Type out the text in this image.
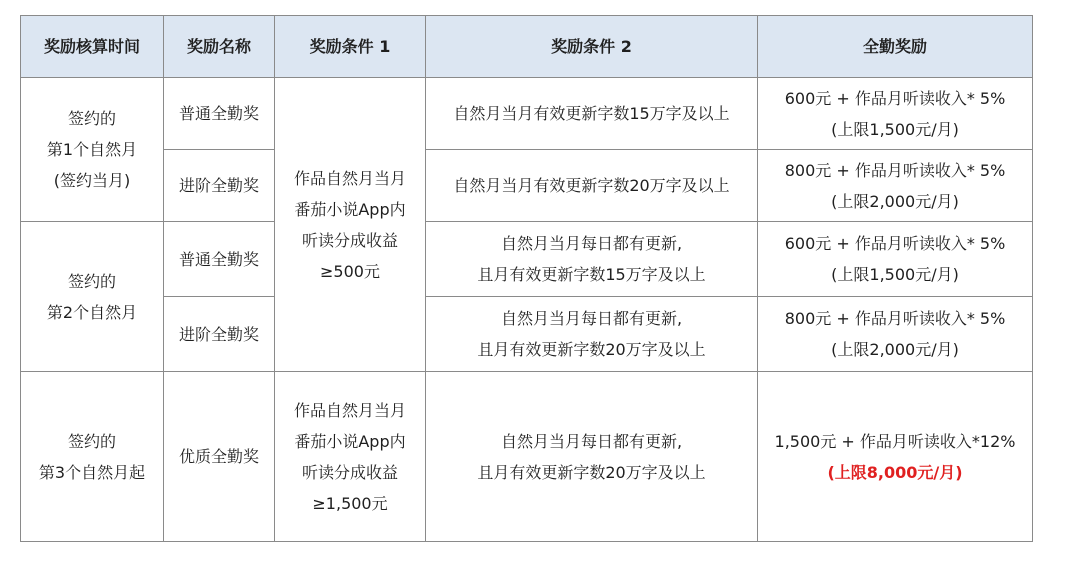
奖励核算时间	奖励名称	奖励条件 1	奖励条件 2	全勤奖励

签约的
第1个自然月
(签约当月)	普通全勤奖	作品自然月当月
番茄小说App内
听读分成收益
≥500元	自然月当月有效更新字数15万字及以上	600元 + 作品月听读收入* 5%
(上限1,500元/月)

	进阶全勤奖		自然月当月有效更新字数20万字及以上	800元 + 作品月听读收入* 5%
(上限2,000元/月)

签约的
第2个自然月	普通全勤奖		自然月当月每日都有更新,
且月有效更新字数15万字及以上	600元 + 作品月听读收入* 5%
(上限1,500元/月)

	进阶全勤奖		自然月当月每日都有更新,
且月有效更新字数20万字及以上	800元 + 作品月听读收入* 5%
(上限2,000元/月)

签约的
第3个自然月起	优质全勤奖	作品自然月当月
番茄小说App内
听读分成收益
≥1,500元	自然月当月每日都有更新,
且月有效更新字数20万字及以上	1,500元 + 作品月听读收入*12%
(上限8,000元/月)
